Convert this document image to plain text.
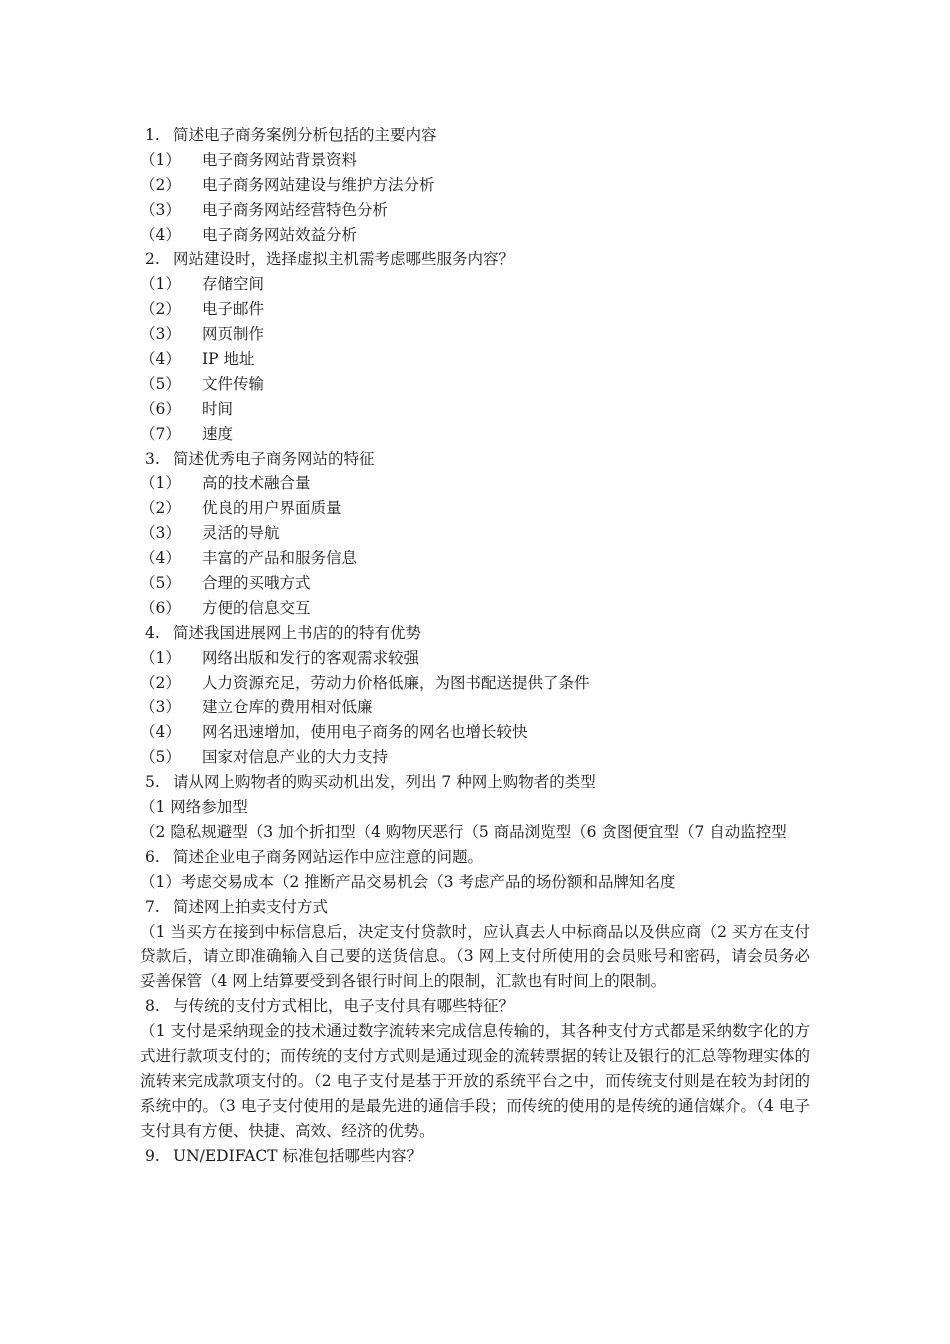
1. 简述电子商务案例分析包括的主要内容
（1） 电子商务网站背景资料
（2） 电子商务网站建设与维护方法分析
（3） 电子商务网站经营特色分析
（4） 电子商务网站效益分析
2. 网站建设时，选择虚拟主机需考虑哪些服务内容？
（1） 存储空间
（2） 电子邮件
（3） 网页制作
（4） IP 地址
（5） 文件传输
（6） 时间
（7） 速度
3. 简述优秀电子商务网站的特征
（1） 高的技术融合量
（2） 优良的用户界面质量
（3） 灵活的导航
（4） 丰富的产品和服务信息
（5） 合理的买哦方式
（6） 方便的信息交互
4. 简述我国进展网上书店的的特有优势
（1） 网络出版和发行的客观需求较强
（2） 人力资源充足，劳动力价格低廉，为图书配送提供了条件
（3） 建立仓库的费用相对低廉
（4） 网名迅速增加，使用电子商务的网名也增长较快
（5） 国家对信息产业的大力支持
5. 请从网上购物者的购买动机出发，列出 7 种网上购物者的类型
（1 网络参加型
（2 隐私规避型（3 加个折扣型（4 购物厌恶行（5 商品浏览型（6 贪图便宜型（7 自动监控型
6. 简述企业电子商务网站运作中应注意的问题。
（1）考虑交易成本（2 推断产品交易机会（3 考虑产品的场份额和品牌知名度
7. 简述网上拍卖支付方式
（1 当买方在接到中标信息后，决定支付贷款时，应认真去人中标商品以及供应商（2 买方在支付贷款后，请立即准确输入自己要的送货信息。（3 网上支付所使用的会员账号和密码，请会员务必妥善保管（4 网上结算要受到各银行时间上的限制，汇款也有时间上的限制。
8. 与传统的支付方式相比，电子支付具有哪些特征？
（1 支付是采纳现金的技术通过数字流转来完成信息传输的，其各种支付方式都是采纳数字化的方式进行款项支付的；而传统的支付方式则是通过现金的流转票据的转让及银行的汇总等物理实体的流转来完成款项支付的。（2 电子支付是基于开放的系统平台之中，而传统支付则是在较为封闭的系统中的。（3 电子支付使用的是最先进的通信手段；而传统的使用的是传统的通信媒介。（4 电子支付具有方便、快捷、高效、经济的优势。
9. UN/EDIFACT 标准包括哪些内容？
